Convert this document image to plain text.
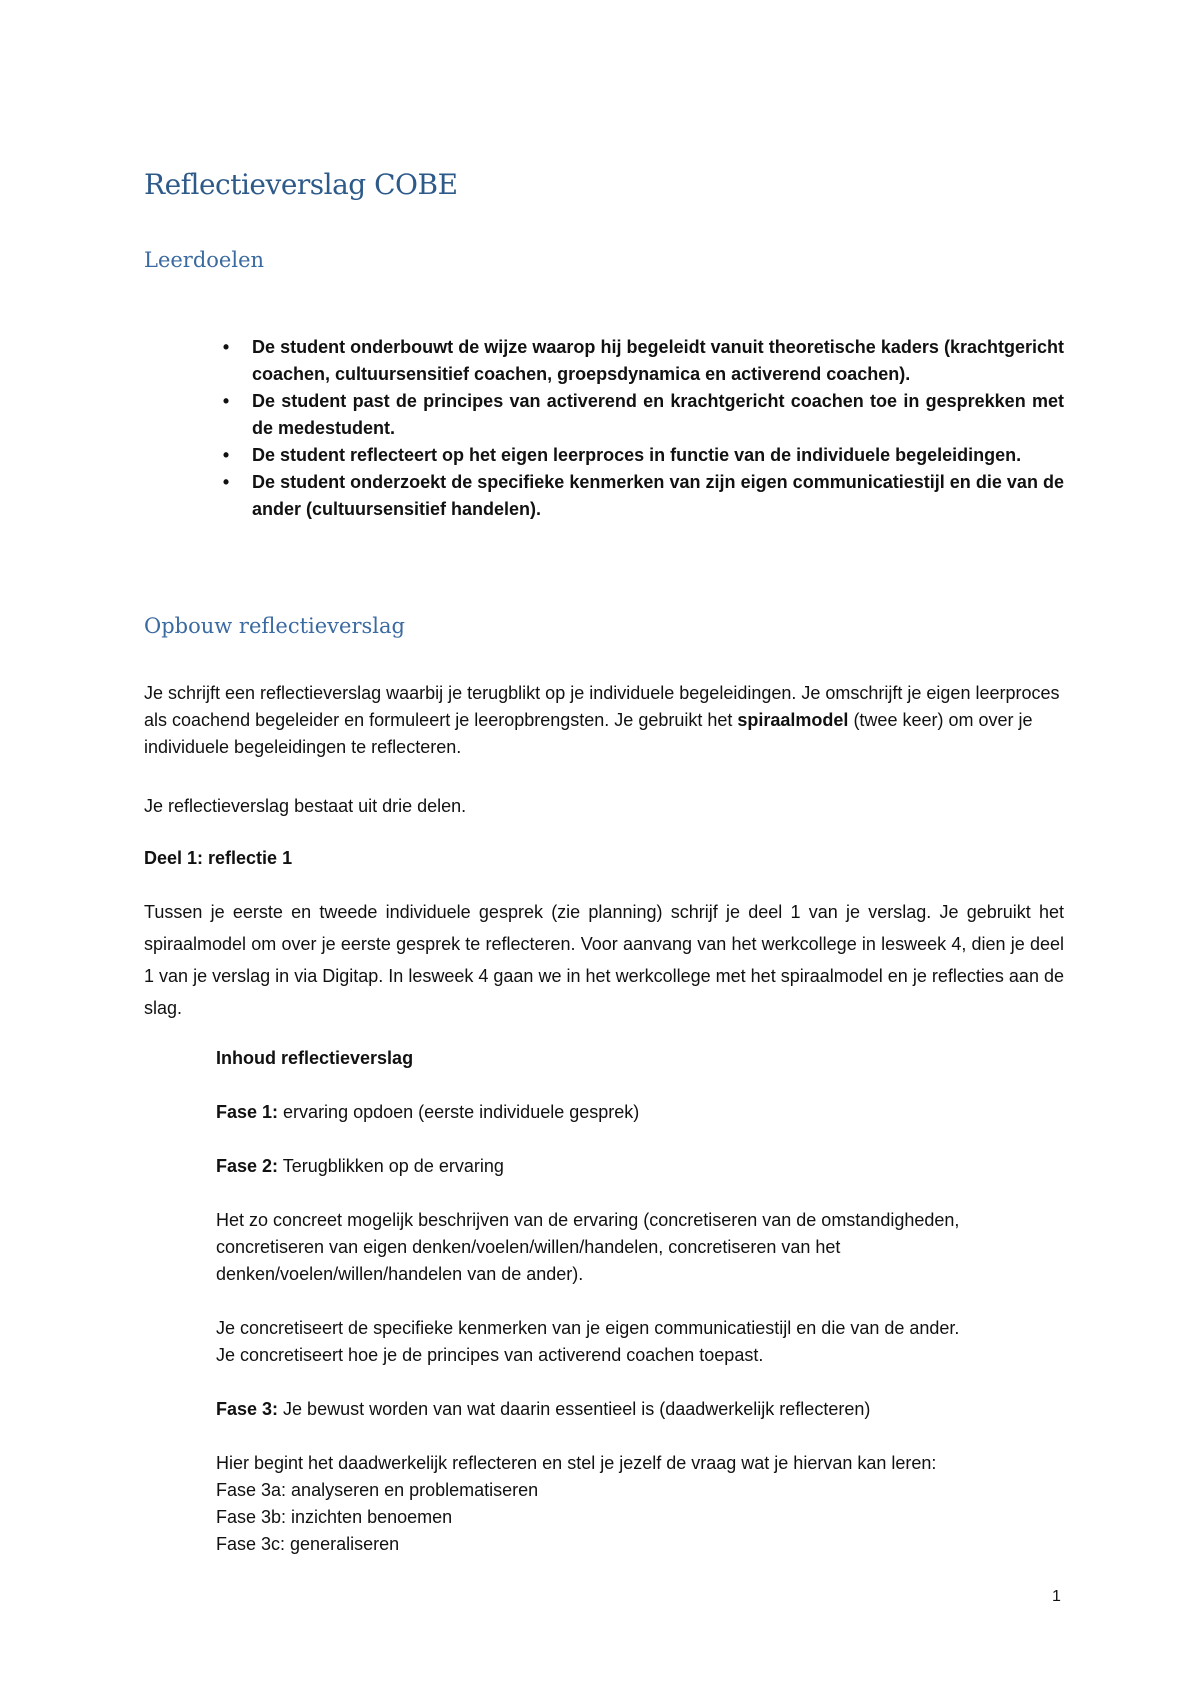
Reflectieverslag COBE
Leerdoelen
•	De student onderbouwt de wijze waarop hij begeleidt vanuit theoretische kaders (krachtgericht coachen, cultuursensitief coachen, groepsdynamica en activerend coachen).
•	De student past de principes van activerend en krachtgericht coachen toe in gesprekken met de medestudent.
•	De student reflecteert op het eigen leerproces in functie van de individuele begeleidingen.
•	De student onderzoekt de specifieke kenmerken van zijn eigen communicatiestijl en die van de ander (cultuursensitief handelen).
Opbouw reflectieverslag

Je schrijft een reflectieverslag waarbij je terugblikt op je individuele begeleidingen. Je omschrijft je eigen leerproces als coachend begeleider en formuleert je leeropbrengsten. Je gebruikt het spiraalmodel (twee keer) om over je individuele begeleidingen te reflecteren.

Je reflectieverslag bestaat uit drie delen.

Deel 1: reflectie 1

Tussen je eerste en tweede individuele gesprek (zie planning) schrijf je deel 1 van je verslag. Je gebruikt het spiraalmodel om over je eerste gesprek te reflecteren. Voor aanvang van het werkcollege in lesweek 4, dien je deel 1 van je verslag in via Digitap. In lesweek 4 gaan we in het werkcollege met het spiraalmodel en je reflecties aan de slag.

Inhoud reflectieverslag

Fase 1: ervaring opdoen (eerste individuele gesprek)

Fase 2: Terugblikken op de ervaring

Het zo concreet mogelijk beschrijven van de ervaring (concretiseren van de omstandigheden, concretiseren van eigen denken/voelen/willen/handelen, concretiseren van het denken/voelen/willen/handelen van de ander).

Je concretiseert de specifieke kenmerken van je eigen communicatiestijl en die van de ander.
Je concretiseert hoe je de principes van activerend coachen toepast.

Fase 3: Je bewust worden van wat daarin essentieel is (daadwerkelijk reflecteren)

Hier begint het daadwerkelijk reflecteren en stel je jezelf de vraag wat je hiervan kan leren:
Fase 3a: analyseren en problematiseren
Fase 3b: inzichten benoemen
Fase 3c: generaliseren

1
